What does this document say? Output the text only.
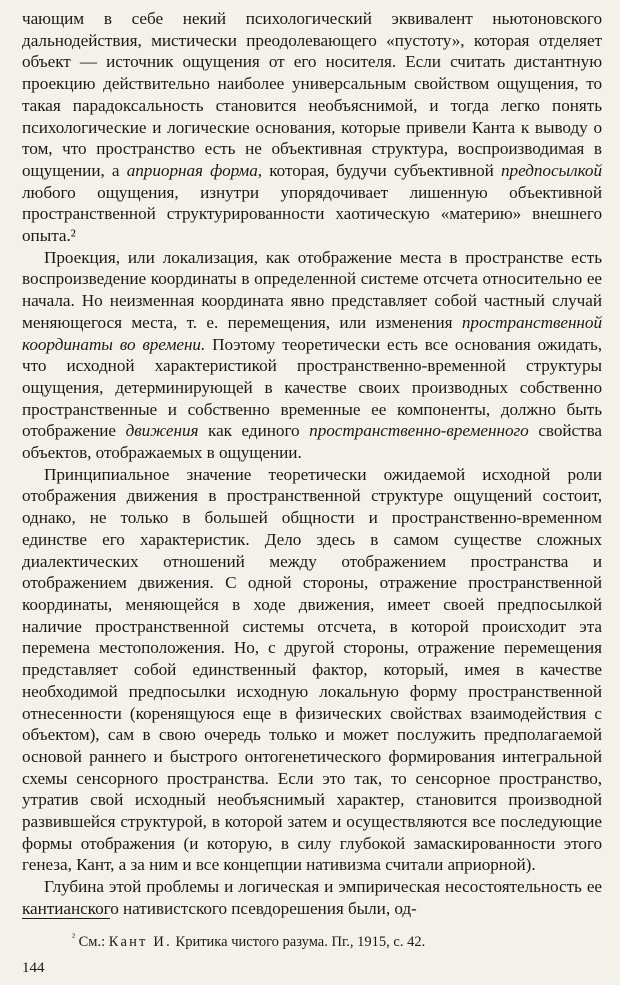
чающим в себе некий психологический эквивалент ньютоновского дальнодействия, мистически преодолевающего «пустоту», которая отделяет объект — источник ощущения от его носителя. Если считать дистантную проекцию действительно наиболее универсальным свойством ощущения, то такая парадоксальность становится необъяснимой, и тогда легко понять психологические и логические основания, которые привели Канта к выводу о том, что пространство есть не объективная структура, воспроизводимая в ощущении, а априорная форма, которая, будучи субъективной предпосылкой любого ощущения, изнутри упорядочивает лишенную объективной пространственной структурированности хаотическую «материю» внешнего опыта.²

Проекция, или локализация, как отображение места в пространстве есть воспроизведение координаты в определенной системе отсчета относительно ее начала. Но неизменная координата явно представляет собой частный случай меняющегося места, т. е. перемещения, или изменения пространственной координаты во времени. Поэтому теоретически есть все основания ожидать, что исходной характеристикой пространственно-временной структуры ощущения, детерминирующей в качестве своих производных собственно пространственные и собственно временные ее компоненты, должно быть отображение движения как единого пространственно-временного свойства объектов, отображаемых в ощущении.

Принципиальное значение теоретически ожидаемой исходной роли отображения движения в пространственной структуре ощущений состоит, однако, не только в большей общности и пространственно-временном единстве его характеристик. Дело здесь в самом существе сложных диалектических отношений между отображением пространства и отображением движения. С одной стороны, отражение пространственной координаты, меняющейся в ходе движения, имеет своей предпосылкой наличие пространственной системы отсчета, в которой происходит эта перемена местоположения. Но, с другой стороны, отражение перемещения представляет собой единственный фактор, который, имея в качестве необходимой предпосылки исходную локальную форму пространственной отнесенности (коренящуюся еще в физических свойствах взаимодействия с объектом), сам в свою очередь только и может послужить предполагаемой основой раннего и быстрого онтогенетического формирования интегральной схемы сенсорного пространства. Если это так, то сенсорное пространство, утратив свой исходный необъяснимый характер, становится производной развившейся структурой, в которой затем и осуществляются все последующие формы отображения (и которую, в силу глубокой замаскированности этого генеза, Кант, а за ним и все концепции нативизма считали априорной).

Глубина этой проблемы и логическая и эмпирическая несостоятельность ее кантианского нативистского псевдорешения были, од-

$^{^2}$ См.: Кант И. Критика чистого разума. Пг., 1915, с. 42.

144
